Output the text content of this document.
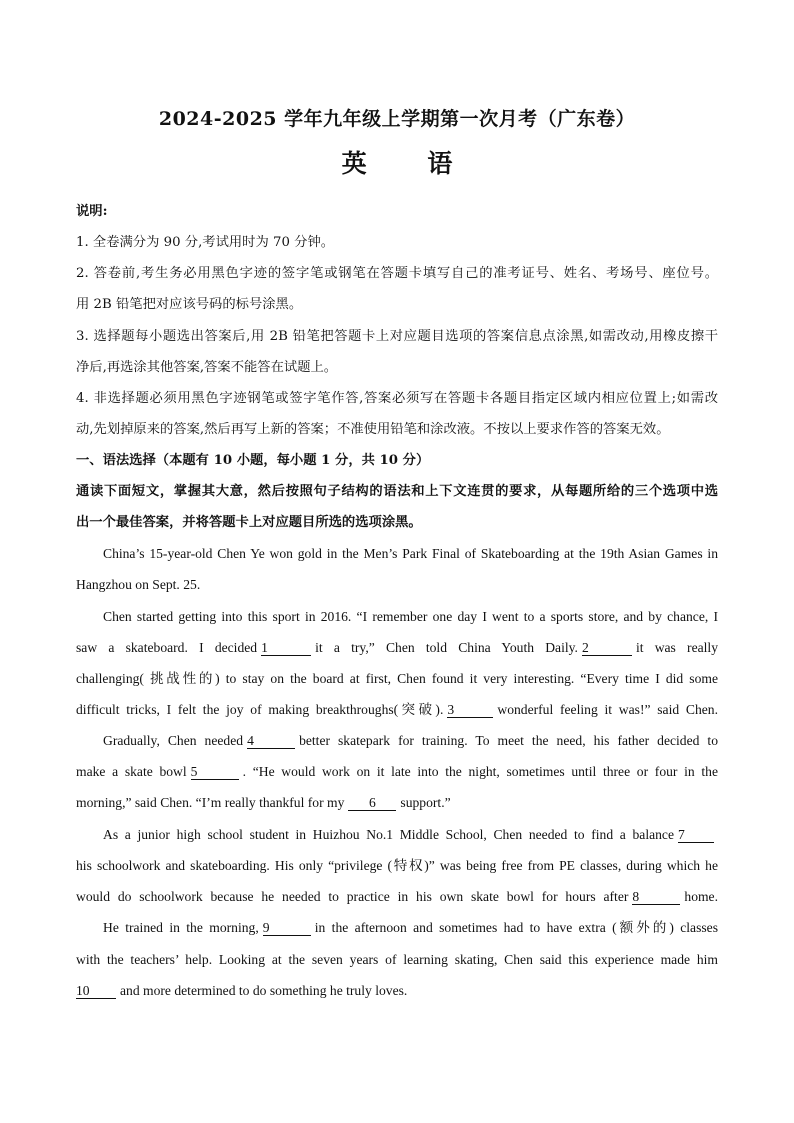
2024-2025 学年九年级上学期第一次月考（广东卷）
英 语
说明:
1. 全卷满分为 90 分,考试用时为 70 分钟。
2. 答卷前,考生务必用黑色字迹的签字笔或钢笔在答题卡填写自己的准考证号、姓名、考场号、座位号。
用 2B 铅笔把对应该号码的标号涂黑。
3. 选择题每小题选出答案后,用 2B 铅笔把答题卡上对应题目选项的答案信息点涂黑,如需改动,用橡皮擦干
净后,再选涂其他答案,答案不能答在试题上。
4. 非选择题必须用黑色字迹钢笔或签字笔作答,答案必须写在答题卡各题目指定区域内相应位置上;如需改
动,先划掉原来的答案,然后再写上新的答案；不准使用铅笔和涂改液。不按以上要求作答的答案无效。
一、语法选择（本题有 10 小题，每小题 1 分，共 10 分）
通读下面短文，掌握其大意，然后按照句子结构的语法和上下文连贯的要求，从每题所给的三个选项中选
出一个最佳答案，并将答题卡上对应题目所选的选项涂黑。
China’s 15-year-old Chen Ye won gold in the Men’s Park Final of Skateboarding at the 19th Asian Games in
Hangzhou on Sept. 25.
Chen started getting into this sport in 2016. “I remember one day I went to a sports store, and by chance, I
saw a skateboard. I decided 1	it a try,” Chen told China Youth Daily. 2	it was really
challenging( 挑战性的) to stay on the board at first, Chen found it very interesting. “Every time I did some
difficult tricks, I felt the joy of making breakthroughs(突破). 3	wonderful feeling it was!” said Chen.
Gradually, Chen needed 4	better skatepark for training. To meet the need, his father decided to
make a skate bowl 5	. “He would work on it late into the night, sometimes until three or four in the
morning,” said Chen. “I’m really thankful for my 6 support.”
As a junior high school student in Huizhou No.1 Middle School, Chen needed to find a balance 7
his schoolwork and skateboarding. His only “privilege (特权)” was being free from PE classes, during which he
would do schoolwork because he needed to practice in his own skate bowl for hours after 8	home.
He trained in the morning, 9	in the afternoon and sometimes had to have extra (额外的) classes
with the teachers’ help. Looking at the seven years of learning skating, Chen said this experience made him
10 and more determined to do something he truly loves.
